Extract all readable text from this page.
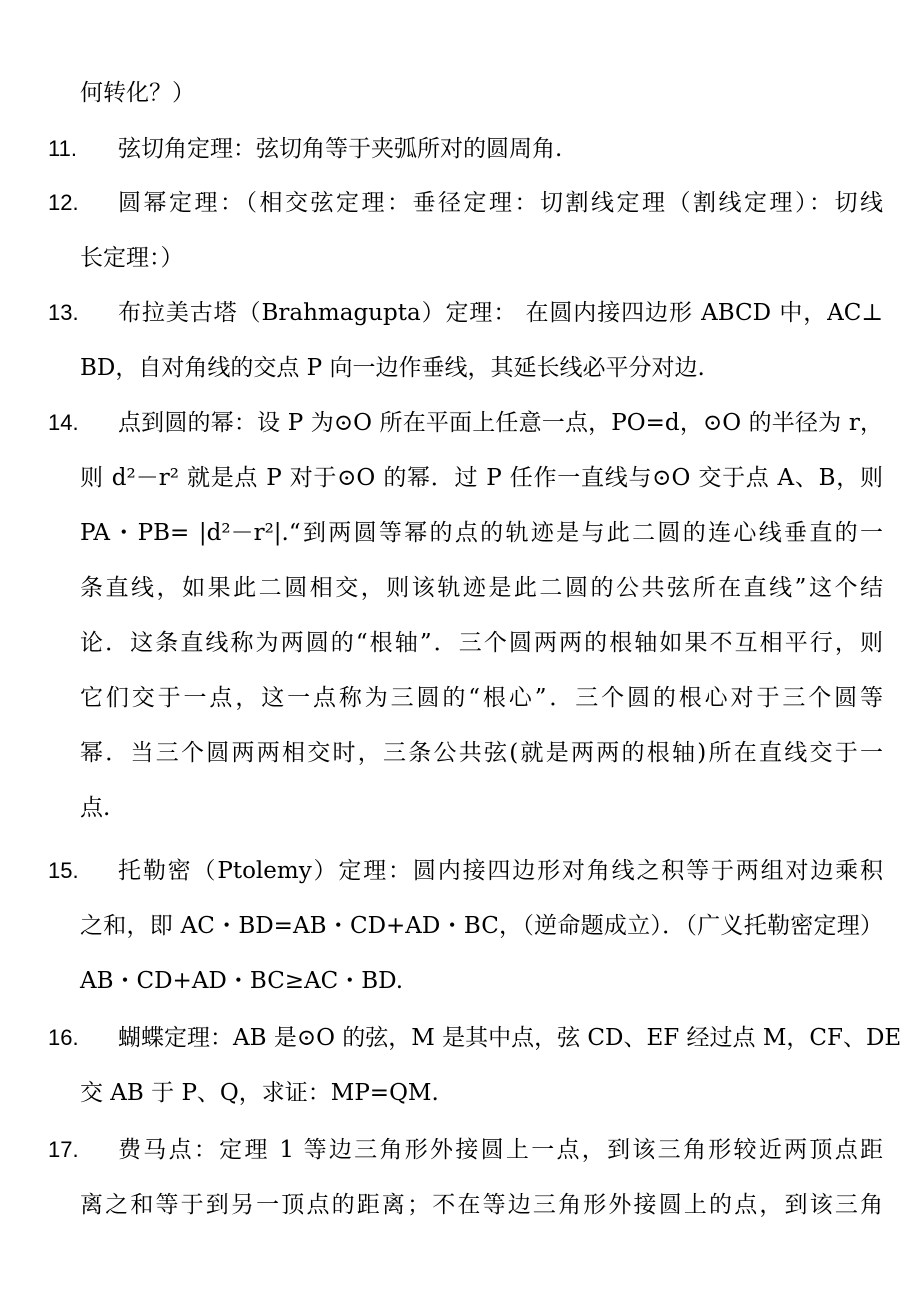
何转化？）
11. 弦切角定理：弦切角等于夹弧所对的圆周角.
12. 圆幂定理：（相交弦定理：垂径定理：切割线定理（割线定理）：切线
长定理：）
13. 布拉美古塔（Brahmagupta）定理： 在圆内接四边形 ABCD 中，AC⊥
BD，自对角线的交点 P 向一边作垂线，其延长线必平分对边.
14. 点到圆的幂：设 P 为⊙O 所在平面上任意一点，PO=d，⊙O 的半径为 r，
则 d²－r² 就是点 P 对于⊙O 的幂．过 P 任作一直线与⊙O 交于点 A、B，则
PA・PB= |d²－r²|.“到两圆等幂的点的轨迹是与此二圆的连心线垂直的一
条直线，如果此二圆相交，则该轨迹是此二圆的公共弦所在直线”这个结
论．这条直线称为两圆的“根轴”．三个圆两两的根轴如果不互相平行，则
它们交于一点，这一点称为三圆的“根心”．三个圆的根心对于三个圆等
幂．当三个圆两两相交时，三条公共弦(就是两两的根轴)所在直线交于一
点.
15. 托勒密（Ptolemy）定理：圆内接四边形对角线之积等于两组对边乘积
之和，即 AC・BD=AB・CD+AD・BC，（逆命题成立）．（广义托勒密定理）
AB・CD+AD・BC≥AC・BD.
16. 蝴蝶定理：AB 是⊙O 的弦，M 是其中点，弦 CD、EF 经过点 M，CF、DE
交 AB 于 P、Q，求证：MP=QM.
17. 费马点：定理 1 等边三角形外接圆上一点，到该三角形较近两顶点距
离之和等于到另一顶点的距离；不在等边三角形外接圆上的点，到该三角
